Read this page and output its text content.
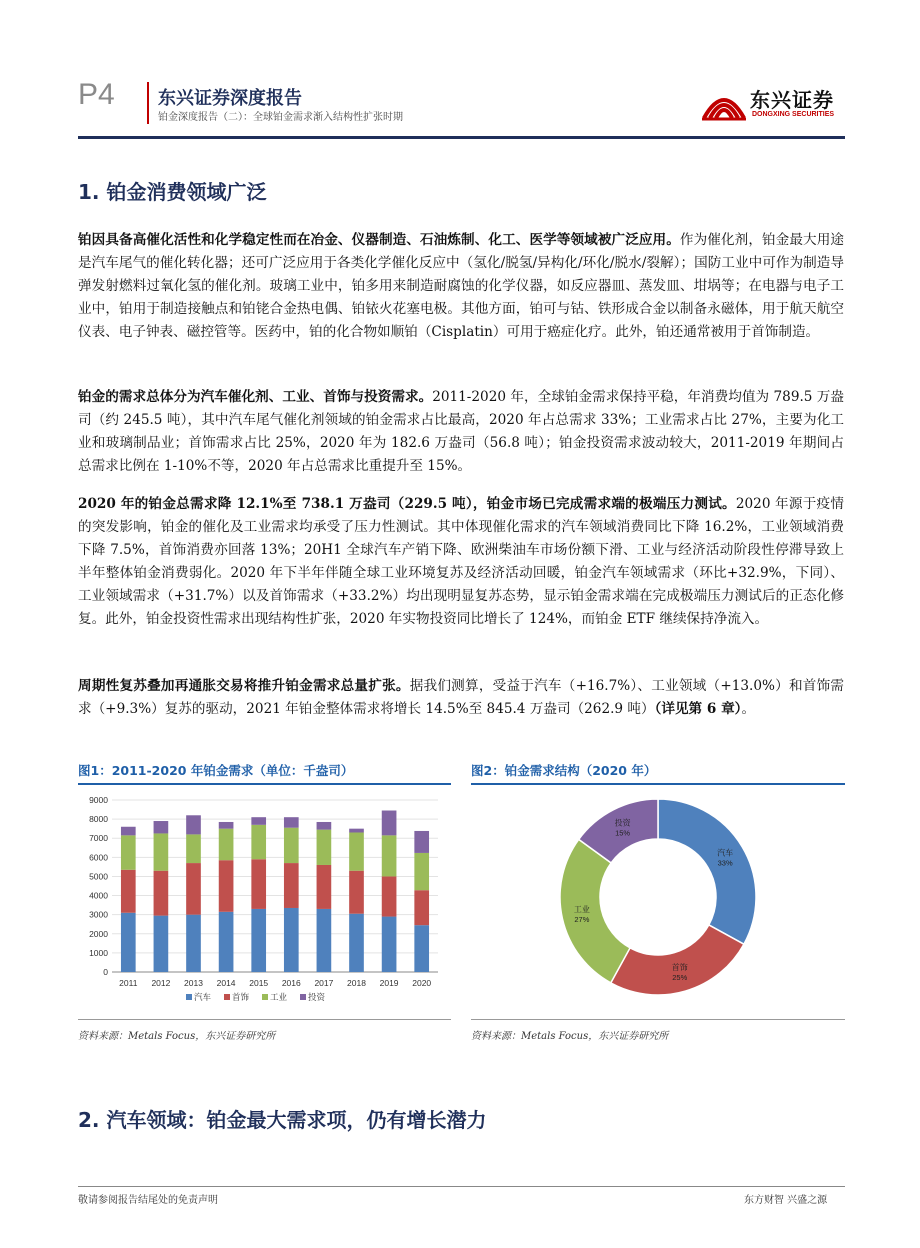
P4 东兴证券深度报告
铂金深度报告（二）：全球铂金需求渐入结构性扩张时期
东兴证券
DONGXING SECURITIES
1. 铂金消费领域广泛

铂因具备高催化活性和化学稳定性而在冶金、仪器制造、石油炼制、化工、医学等领域被广泛应用。作为催化剂，铂金最大用途是汽车尾气的催化转化器；还可广泛应用于各类化学催化反应中（氢化/脱氢/异构化/环化/脱水/裂解）；国防工业中可作为制造导弹发射燃料过氧化氢的催化剂。玻璃工业中，铂多用来制造耐腐蚀的化学仪器，如反应器皿、蒸发皿、坩埚等；在电器与电子工业中，铂用于制造接触点和铂铑合金热电偶、铂铱火花塞电极。其他方面，铂可与钴、铁形成合金以制备永磁体，用于航天航空仪表、电子钟表、磁控管等。医药中，铂的化合物如顺铂（Cisplatin）可用于癌症化疗。此外，铂还通常被用于首饰制造。

铂金的需求总体分为汽车催化剂、工业、首饰与投资需求。2011-2020 年，全球铂金需求保持平稳，年消费均值为 789.5 万盎司（约 245.5 吨），其中汽车尾气催化剂领域的铂金需求占比最高，2020 年占总需求 33%；工业需求占比 27%，主要为化工业和玻璃制品业；首饰需求占比 25%，2020 年为 182.6 万盎司（56.8 吨）；铂金投资需求波动较大，2011-2019 年期间占总需求比例在 1-10%不等，2020 年占总需求比重提升至 15%。

2020 年的铂金总需求降 12.1%至 738.1 万盎司（229.5 吨），铂金市场已完成需求端的极端压力测试。2020 年源于疫情的突发影响，铂金的催化及工业需求均承受了压力性测试。其中体现催化需求的汽车领域消费同比下降 16.2%，工业领域消费下降 7.5%，首饰消费亦回落 13%；20H1 全球汽车产销下降、欧洲柴油车市场份额下滑、工业与经济活动阶段性停滞导致上半年整体铂金消费弱化。2020 年下半年伴随全球工业环境复苏及经济活动回暖，铂金汽车领域需求（环比+32.9%，下同）、工业领域需求（+31.7%）以及首饰需求（+33.2%）均出现明显复苏态势，显示铂金需求端在完成极端压力测试后的正态化修复。此外，铂金投资性需求出现结构性扩张，2020 年实物投资同比增长了 124%，而铂金 ETF 继续保持净流入。

周期性复苏叠加再通胀交易将推升铂金需求总量扩张。据我们测算，受益于汽车（+16.7%）、工业领域（+13.0%）和首饰需求（+9.3%）复苏的驱动，2021 年铂金整体需求将增长 14.5%至 845.4 万盎司（262.9 吨）（详见第 6 章）。

图1：2011-2020 年铂金需求（单位：千盎司）
0
1000
2000
3000
4000
5000
6000
7000
8000
9000
2011 2012 2013 2014 2015 2016 2017 2018 2019 2020
汽车 首饰 工业 投资
资料来源：Metals Focus，东兴证券研究所
图2：铂金需求结构（2020 年）
汽车
33%
首饰
25%
工业
27%
投资
15%
资料来源：Metals Focus，东兴证券研究所
2. 汽车领域：铂金最大需求项，仍有增长潜力
敬请参阅报告结尾处的免责声明	东方财智 兴盛之源
